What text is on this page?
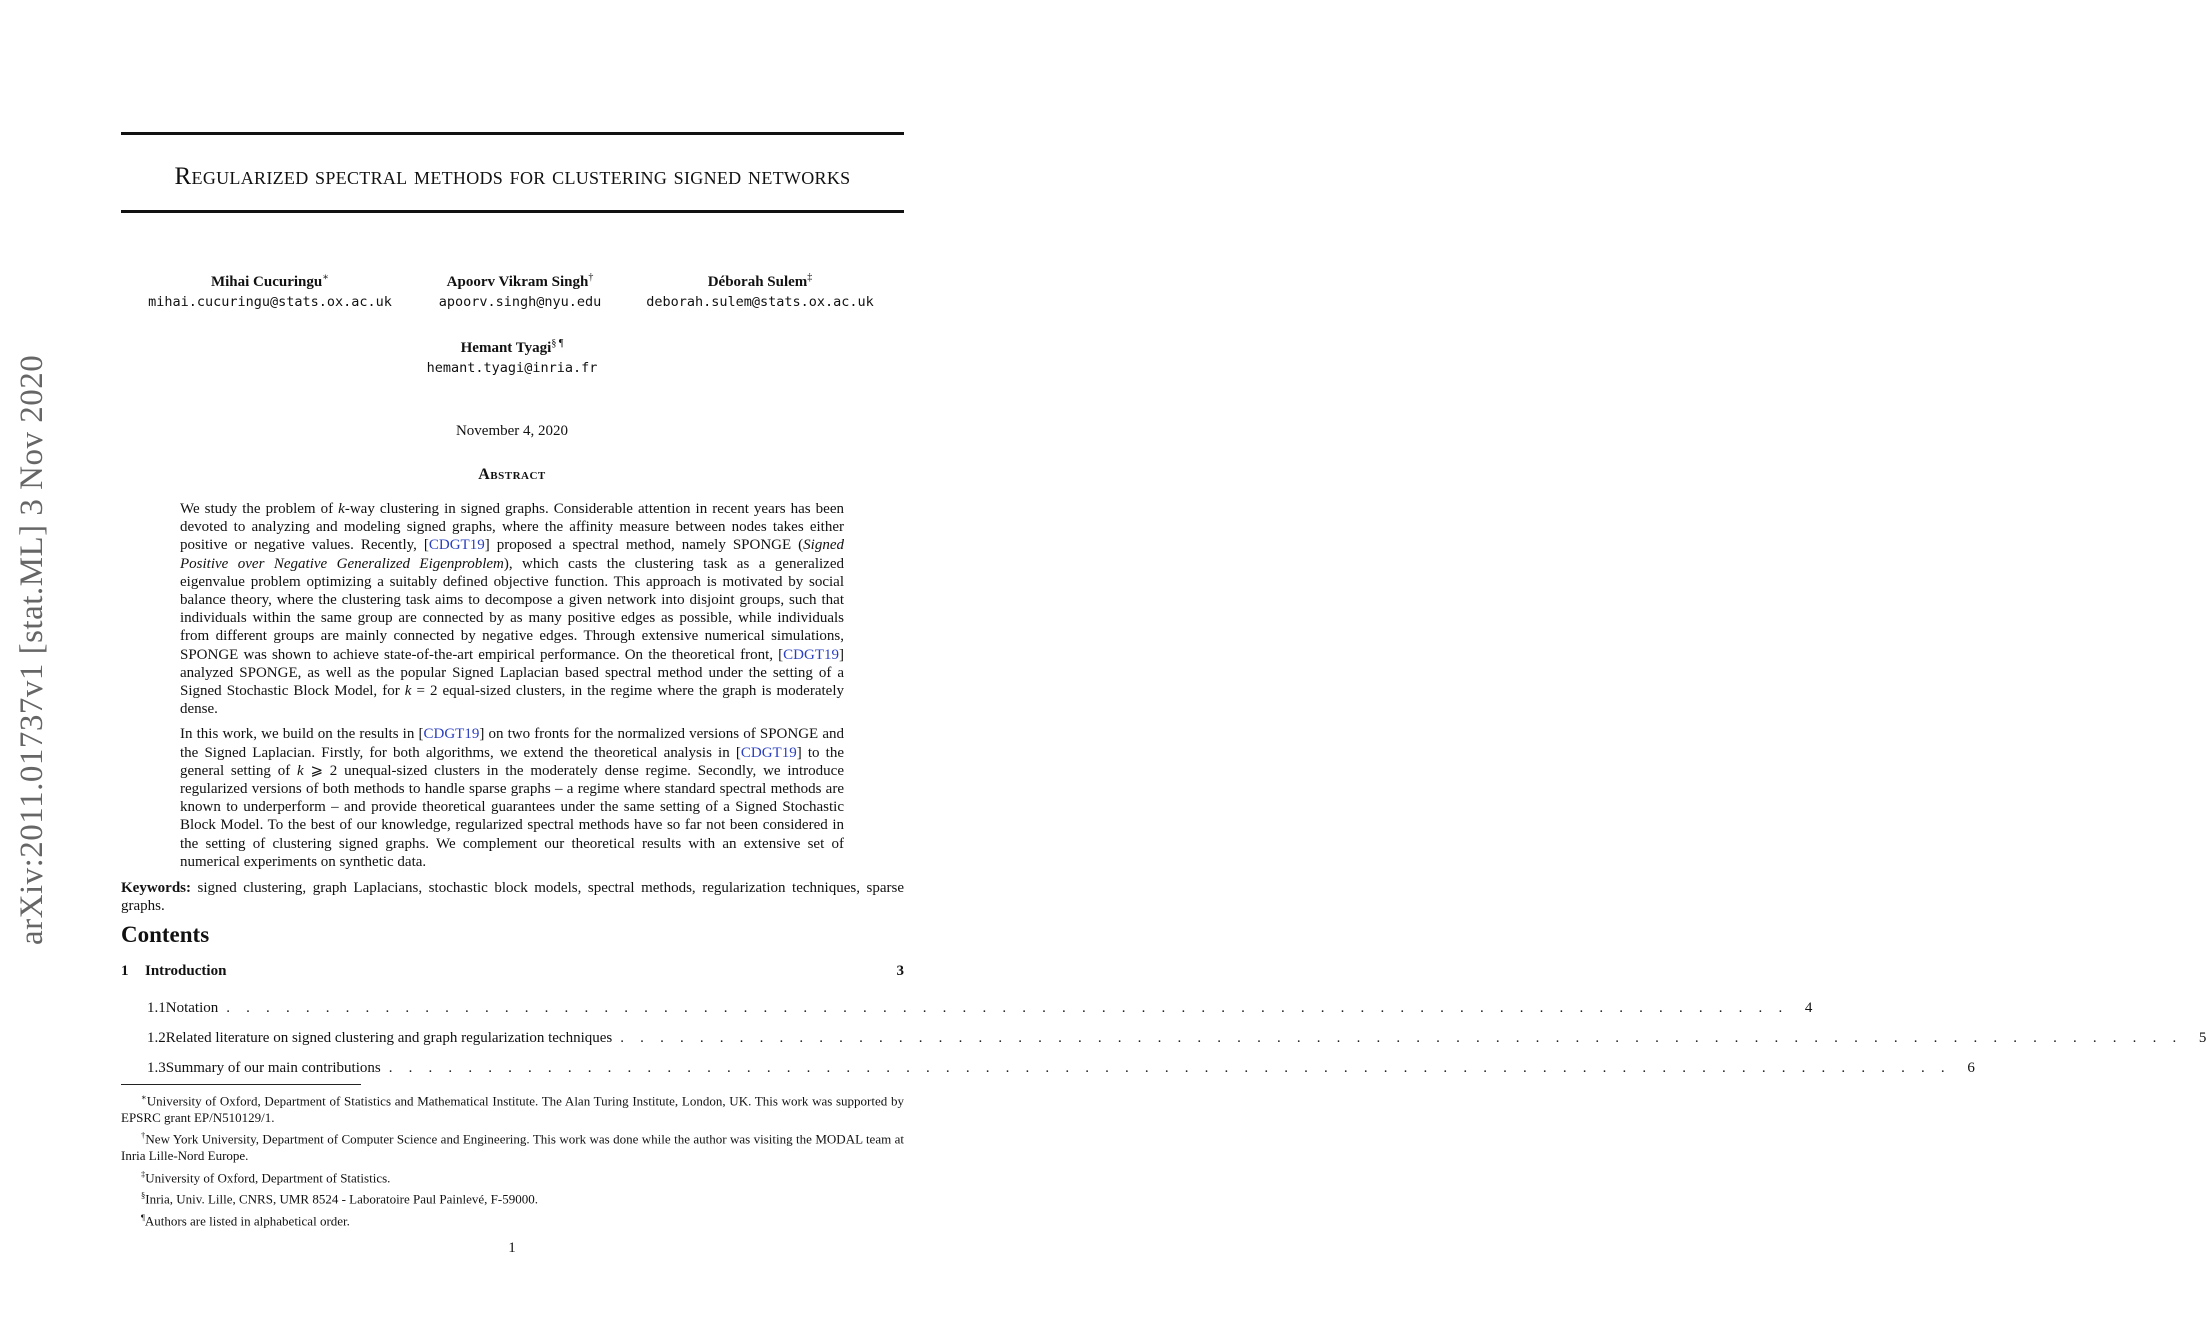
arXiv:2011.01737v1 [stat.ML] 3 Nov 2020
Regularized spectral methods for clustering signed networks
Mihai Cucuringu∗
mihai.cucuringu@stats.ox.ac.uk
Apoorv Vikram Singh†
apoorv.singh@nyu.edu
Déborah Sulem‡
deborah.sulem@stats.ox.ac.uk
Hemant Tyagi§ ¶
hemant.tyagi@inria.fr
November 4, 2020
Abstract

We study the problem of k-way clustering in signed graphs. Considerable attention in recent years has been devoted to analyzing and modeling signed graphs, where the affinity measure between nodes takes either positive or negative values. Recently, [CDGT19] proposed a spectral method, namely SPONGE (Signed Positive over Negative Generalized Eigenproblem), which casts the clustering task as a generalized eigenvalue problem optimizing a suitably defined objective function. This approach is motivated by social balance theory, where the clustering task aims to decompose a given network into disjoint groups, such that individuals within the same group are connected by as many positive edges as possible, while individuals from different groups are mainly connected by negative edges. Through extensive numerical simulations, SPONGE was shown to achieve state-of-the-art empirical performance. On the theoretical front, [CDGT19] analyzed SPONGE, as well as the popular Signed Laplacian based spectral method under the setting of a Signed Stochastic Block Model, for k = 2 equal-sized clusters, in the regime where the graph is moderately dense.

In this work, we build on the results in [CDGT19] on two fronts for the normalized versions of SPONGE and the Signed Laplacian. Firstly, for both algorithms, we extend the theoretical analysis in [CDGT19] to the general setting of k ⩾ 2 unequal-sized clusters in the moderately dense regime. Secondly, we introduce regularized versions of both methods to handle sparse graphs – a regime where standard spectral methods are known to underperform – and provide theoretical guarantees under the same setting of a Signed Stochastic Block Model. To the best of our knowledge, regularized spectral methods have so far not been considered in the setting of clustering signed graphs. We complement our theoretical results with an extensive set of numerical experiments on synthetic data.

Keywords: signed clustering, graph Laplacians, stochastic block models, spectral methods, regularization techniques, sparse graphs.
Contents
1	Introduction	3
1.1 Notation . . . . . . . . . . . . . . . . . . . . . . . . . . . . . . . . . . . . . . . . . . . . . . . . . . . . . . . . . . . . . . . . . . . . . . . . . . . . . . .	4
1.2 Related literature on signed clustering and graph regularization techniques . . . . . . . . . . . . . . . . . . . . . . . . . . . . . . . . . . . . . . . . . . . . . . . . . . . . . . . . . . . . . . . . . . . . . . . . . . . . . . .	5
1.3 Summary of our main contributions . . . . . . . . . . . . . . . . . . . . . . . . . . . . . . . . . . . . . . . . . . . . . . . . . . . . . . . . . . . . . . . . . . . . . . . . . . . . . . .	6

∗University of Oxford, Department of Statistics and Mathematical Institute. The Alan Turing Institute, London, UK. This work was supported by EPSRC grant EP/N510129/1.

†New York University, Department of Computer Science and Engineering. This work was done while the author was visiting the MODAL team at Inria Lille-Nord Europe.

‡University of Oxford, Department of Statistics.

§Inria, Univ. Lille, CNRS, UMR 8524 - Laboratoire Paul Painlevé, F-59000.

¶Authors are listed in alphabetical order.

1
